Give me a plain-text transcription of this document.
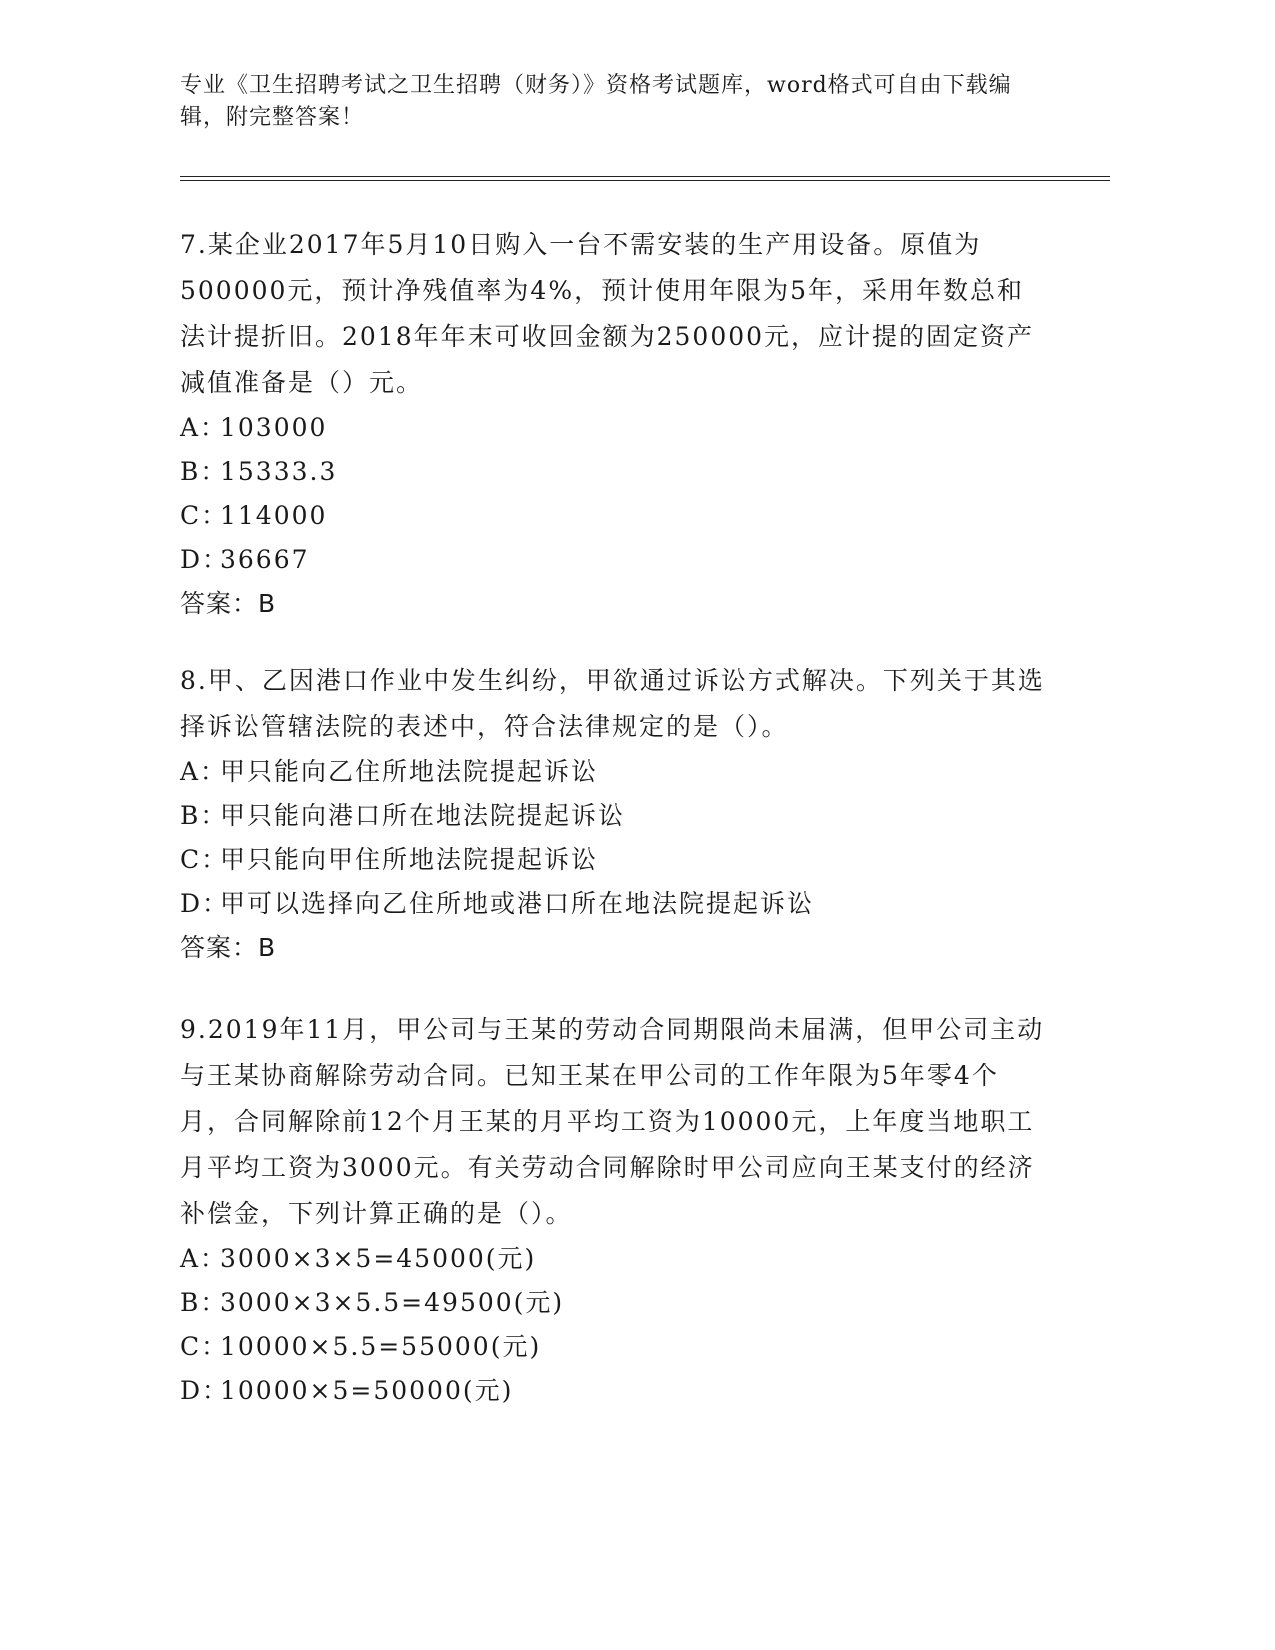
专业《卫生招聘考试之卫生招聘（财务）》资格考试题库，word格式可自由下载编辑，附完整答案！

7.某企业2017年5月10日购入一台不需安装的生产用设备。原值为500000元，预计净残值率为4%，预计使用年限为5年，采用年数总和法计提折旧。2018年年末可收回金额为250000元，应计提的固定资产减值准备是（）元。

A：103000

B：15333.3

C：114000

D：36667

答案：B

8.甲、乙因港口作业中发生纠纷，甲欲通过诉讼方式解决。下列关于其选择诉讼管辖法院的表述中，符合法律规定的是（）。

A：甲只能向乙住所地法院提起诉讼

B：甲只能向港口所在地法院提起诉讼

C：甲只能向甲住所地法院提起诉讼

D：甲可以选择向乙住所地或港口所在地法院提起诉讼

答案：B

9.2019年11月，甲公司与王某的劳动合同期限尚未届满，但甲公司主动与王某协商解除劳动合同。已知王某在甲公司的工作年限为5年零4个月，合同解除前12个月王某的月平均工资为10000元，上年度当地职工月平均工资为3000元。有关劳动合同解除时甲公司应向王某支付的经济补偿金，下列计算正确的是（）。

A：3000×3×5=45000(元)

B：3000×3×5.5=49500(元)

C：10000×5.5=55000(元)

D：10000×5=50000(元)
